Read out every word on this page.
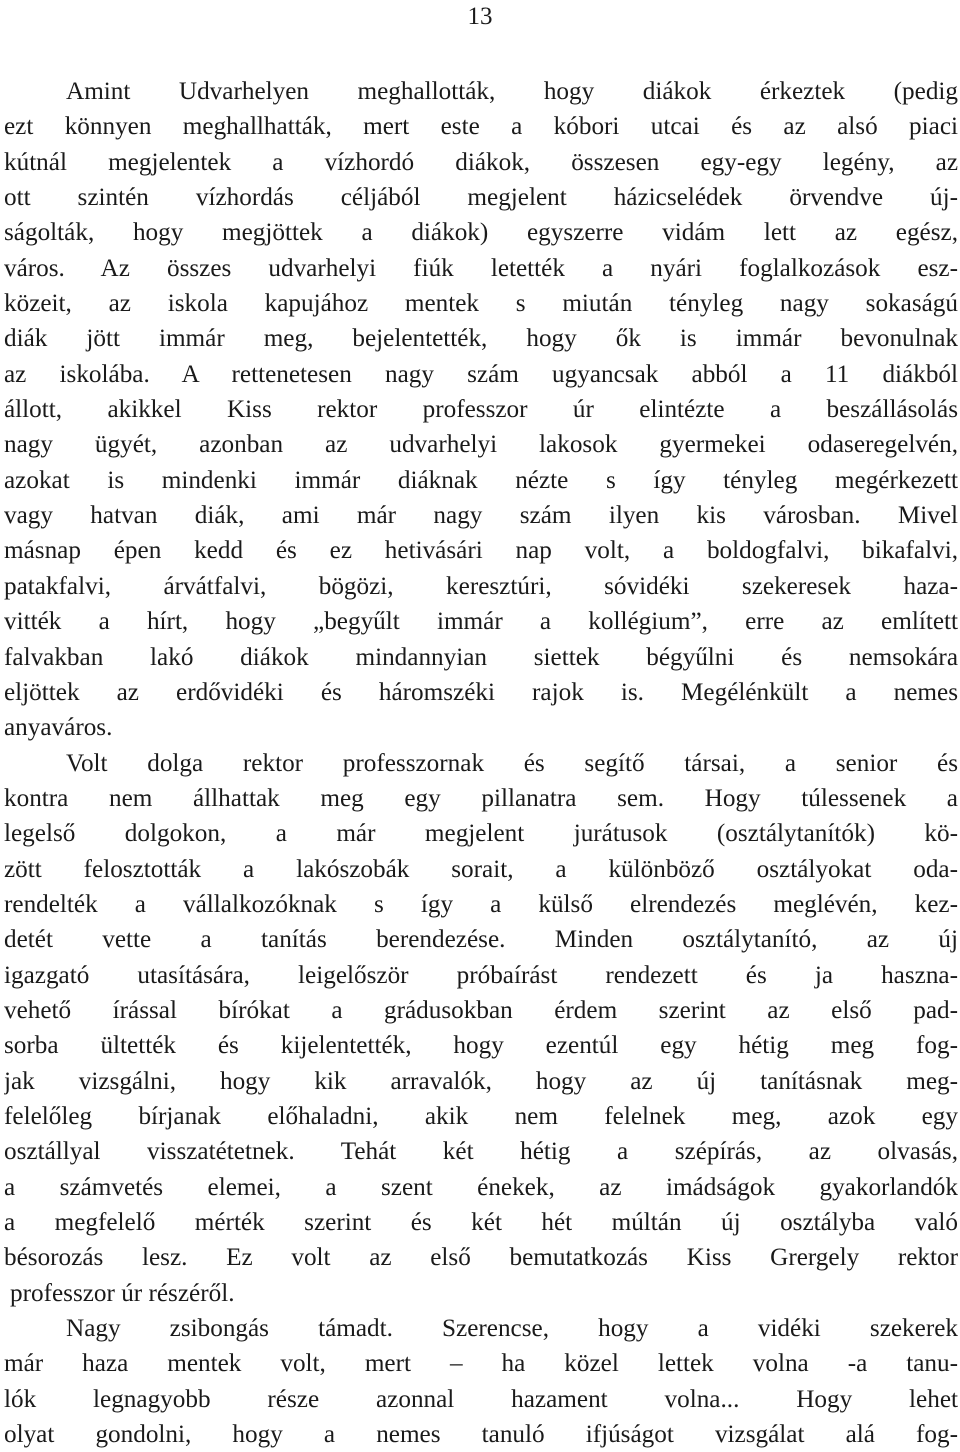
13
Amint Udvarhelyen meghallották, hogy diákok érkeztek (pedig
ezt könnyen meghallhatták, mert este a kóbori utcai és az alsó piaci
kútnál megjelentek a vízhordó diákok, összesen egy-egy legény, az
ott szintén vízhordás céljából megjelent házicselédek örvendve új-
ságolták, hogy megjöttek a diákok) egyszerre vidám lett az egész,
város. Az összes udvarhelyi fiúk letették a nyári foglalkozások esz-
közeit, az iskola kapujához mentek s miután tényleg nagy sokaságú
diák jött immár meg, bejelentették, hogy ők is immár bevonulnak
az iskolába. A rettenetesen nagy szám ugyancsak abból a 11 diákból
állott, akikkel Kiss rektor professzor úr elintézte a beszállásolás
nagy ügyét, azonban az udvarhelyi lakosok gyermekei odaseregelvén,
azokat is mindenki immár diáknak nézte s így tényleg megérkezett
vagy hatvan diák, ami már nagy szám ilyen kis városban. Mivel
másnap épen kedd és ez hetivásári nap volt, a boldogfalvi, bikafalvi,
patakfalvi, árvátfalvi, bögözi, keresztúri, sóvidéki szekeresek haza-
vitték a hírt, hogy „begyűlt immár a kollégium”, erre az említett
falvakban lakó diákok mindannyian siettek bégyűlni és nemsokára
eljöttek az erdővidéki és háromszéki rajok is. Megélénkült a nemes
anyaváros.
Volt dolga rektor professzornak és segítő társai, a senior és
kontra nem állhattak meg egy pillanatra sem. Hogy túlessenek a
legelső dolgokon, a már megjelent jurátusok (osztálytanítók) kö-
zött felosztották a lakószobák sorait, a különböző osztályokat oda-
rendelték a vállalkozóknak s így a külső elrendezés meglévén, kez-
detét vette a tanítás berendezése. Minden osztálytanító, az új
igazgató utasítására, leigelőször próbaírást rendezett és ja haszna-
vehető írással bírókat a grádusokban érdem szerint az első pad-
sorba ültették és kijelentették, hogy ezentúl egy hétig meg fog-
jak vizsgálni, hogy kik arravalók, hogy az új tanításnak meg-
felelőleg bírjanak előhaladni, akik nem felelnek meg, azok egy
osztállyal visszatétetnek. Tehát két hétig a szépírás, az olvasás,
a számvetés elemei, a szent énekek, az imádságok gyakorlandók
a megfelelő mérték szerint és két hét múltán új osztályba való
bésorozás lesz. Ez volt az első bemutatkozás Kiss Grergely rektor
professzor úr részéről.
Nagy zsibongás támadt. Szerencse, hogy a vidéki szekerek
már haza mentek volt, mert – ha közel lettek volna -a tanu-
lók legnagyobb része azonnal hazament volna... Hogy lehet
olyat gondolni, hogy a nemes tanuló ifjúságot vizsgálat alá fog-
